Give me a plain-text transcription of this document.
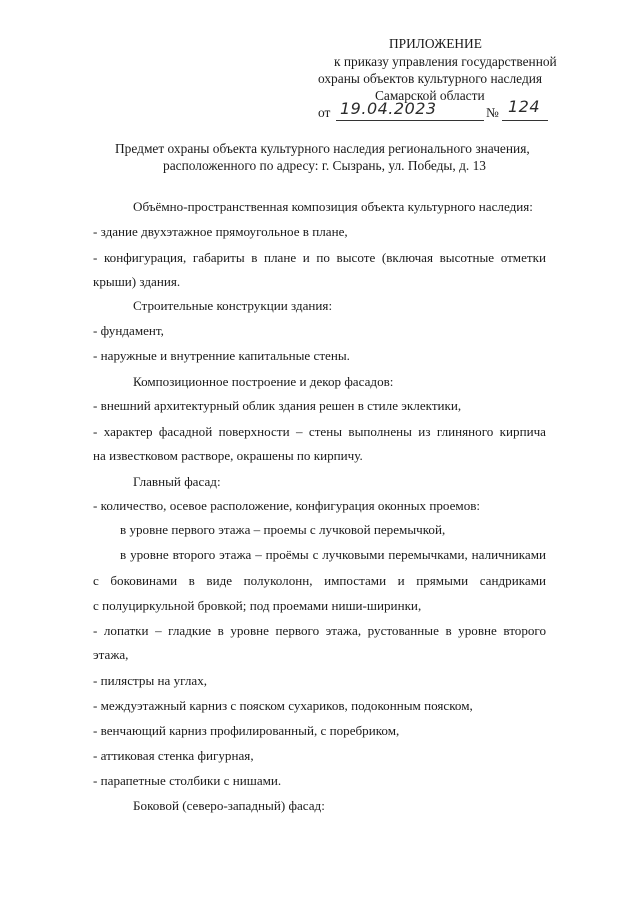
ПРИЛОЖЕНИЕ
к приказу управления государственной
охраны объектов культурного наследия
Самарской области
от 19.04.2023	№ 124
Предмет охраны объекта культурного наследия регионального значения,
расположенного по адресу: г. Сызрань, ул. Победы, д. 13
Объёмно-пространственная композиция объекта культурного наследия:
- здание двухэтажное прямоугольное в плане,
- конфигурация, габариты в плане и по высоте (включая высотные отметки
крыши) здания.
Строительные конструкции здания:
- фундамент,
- наружные и внутренние капитальные стены.
Композиционное построение и декор фасадов:
- внешний архитектурный облик здания решен в стиле эклектики,
- характер фасадной поверхности – стены выполнены из глиняного кирпича
на известковом растворе, окрашены по кирпичу.
Главный фасад:
- количество, осевое расположение, конфигурация оконных проемов:
в уровне первого этажа – проемы с лучковой перемычкой,
в уровне второго этажа – проёмы с лучковыми перемычками, наличниками
с боковинами в виде полуколонн, импостами и прямыми сандриками
с полуциркульной бровкой; под проемами ниши-ширинки,
- лопатки – гладкие в уровне первого этажа, рустованные в уровне второго
этажа,
- пилястры на углах,
- междуэтажный карниз с пояском сухариков, подоконным пояском,
- венчающий карниз профилированный, с поребриком,
- аттиковая стенка фигурная,
- парапетные столбики с нишами.
Боковой (северо-западный) фасад:
